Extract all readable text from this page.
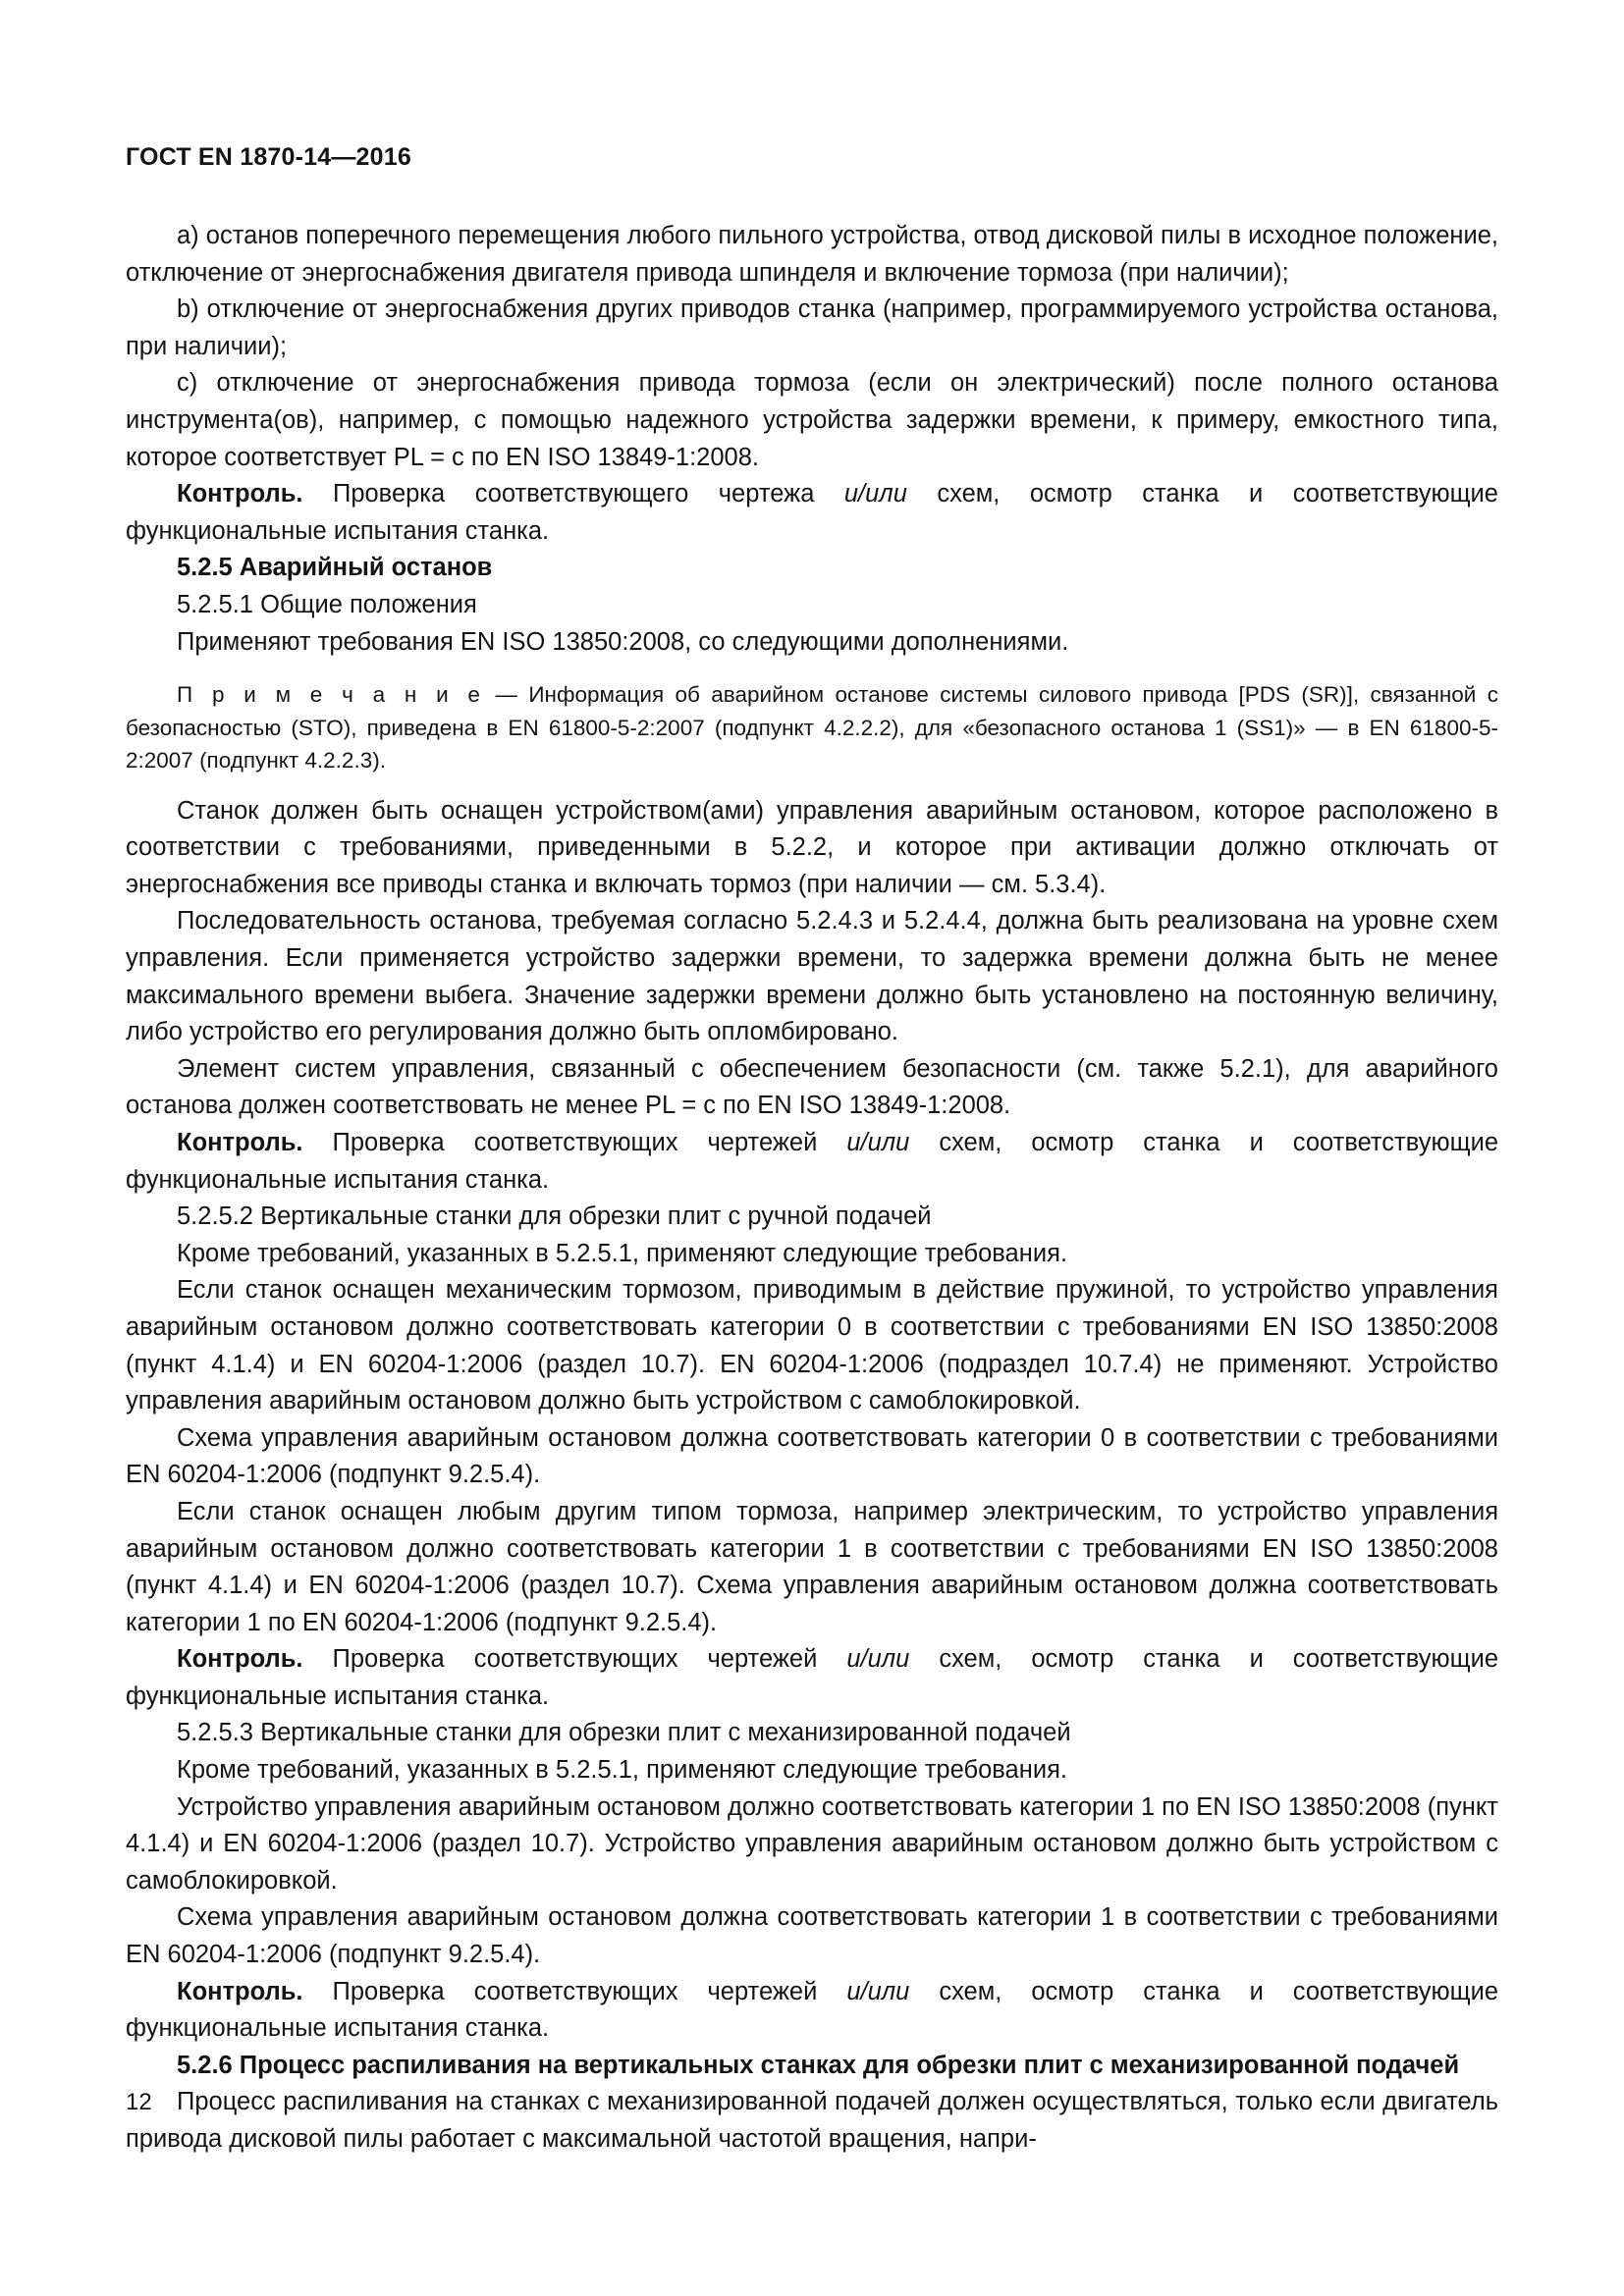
ГОСТ EN 1870-14—2016

a) останов поперечного перемещения любого пильного устройства, отвод дисковой пилы в исходное положение, отключение от энергоснабжения двигателя привода шпинделя и включение тормоза (при наличии);

b) отключение от энергоснабжения других приводов станка (например, программируемого устройства останова, при наличии);

c) отключение от энергоснабжения привода тормоза (если он электрический) после полного останова инструмента(ов), например, с помощью надежного устройства задержки времени, к примеру, емкостного типа, которое соответствует PL = c по EN ISO 13849-1:2008.

Контроль. Проверка соответствующего чертежа и/или схем, осмотр станка и соответствующие функциональные испытания станка.

5.2.5 Аварийный останов

5.2.5.1 Общие положения

Применяют требования EN ISO 13850:2008, со следующими дополнениями.

П р и м е ч а н и е — Информация об аварийном останове системы силового привода [PDS (SR)], связанной с безопасностью (STO), приведена в EN 61800-5-2:2007 (подпункт 4.2.2.2), для «безопасного останова 1 (SS1)» — в EN 61800-5-2:2007 (подпункт 4.2.2.3).

Станок должен быть оснащен устройством(ами) управления аварийным остановом, которое расположено в соответствии с требованиями, приведенными в 5.2.2, и которое при активации должно отключать от энергоснабжения все приводы станка и включать тормоз (при наличии — см. 5.3.4).

Последовательность останова, требуемая согласно 5.2.4.3 и 5.2.4.4, должна быть реализована на уровне схем управления. Если применяется устройство задержки времени, то задержка времени должна быть не менее максимального времени выбега. Значение задержки времени должно быть установлено на постоянную величину, либо устройство его регулирования должно быть опломбировано.

Элемент систем управления, связанный с обеспечением безопасности (см. также 5.2.1), для аварийного останова должен соответствовать не менее PL = c по EN ISO 13849-1:2008.

Контроль. Проверка соответствующих чертежей и/или схем, осмотр станка и соответствующие функциональные испытания станка.

5.2.5.2 Вертикальные станки для обрезки плит с ручной подачей

Кроме требований, указанных в 5.2.5.1, применяют следующие требования.

Если станок оснащен механическим тормозом, приводимым в действие пружиной, то устройство управления аварийным остановом должно соответствовать категории 0 в соответствии с требованиями EN ISO 13850:2008 (пункт 4.1.4) и EN 60204-1:2006 (раздел 10.7). EN 60204-1:2006 (подраздел 10.7.4) не применяют. Устройство управления аварийным остановом должно быть устройством с самоблокировкой.

Схема управления аварийным остановом должна соответствовать категории 0 в соответствии с требованиями EN 60204-1:2006 (подпункт 9.2.5.4).

Если станок оснащен любым другим типом тормоза, например электрическим, то устройство управления аварийным остановом должно соответствовать категории 1 в соответствии с требованиями EN ISO 13850:2008 (пункт 4.1.4) и EN 60204-1:2006 (раздел 10.7). Схема управления аварийным остановом должна соответствовать категории 1 по EN 60204-1:2006 (подпункт 9.2.5.4).

Контроль. Проверка соответствующих чертежей и/или схем, осмотр станка и соответствующие функциональные испытания станка.

5.2.5.3 Вертикальные станки для обрезки плит с механизированной подачей

Кроме требований, указанных в 5.2.5.1, применяют следующие требования.

Устройство управления аварийным остановом должно соответствовать категории 1 по EN ISO 13850:2008 (пункт 4.1.4) и EN 60204-1:2006 (раздел 10.7). Устройство управления аварийным остановом должно быть устройством с самоблокировкой.

Схема управления аварийным остановом должна соответствовать категории 1 в соответствии с требованиями EN 60204-1:2006 (подпункт 9.2.5.4).

Контроль. Проверка соответствующих чертежей и/или схем, осмотр станка и соответствующие функциональные испытания станка.

5.2.6 Процесс распиливания на вертикальных станках для обрезки плит с механизированной подачей

Процесс распиливания на станках с механизированной подачей должен осуществляться, только если двигатель привода дисковой пилы работает с максимальной частотой вращения, напри-

12
